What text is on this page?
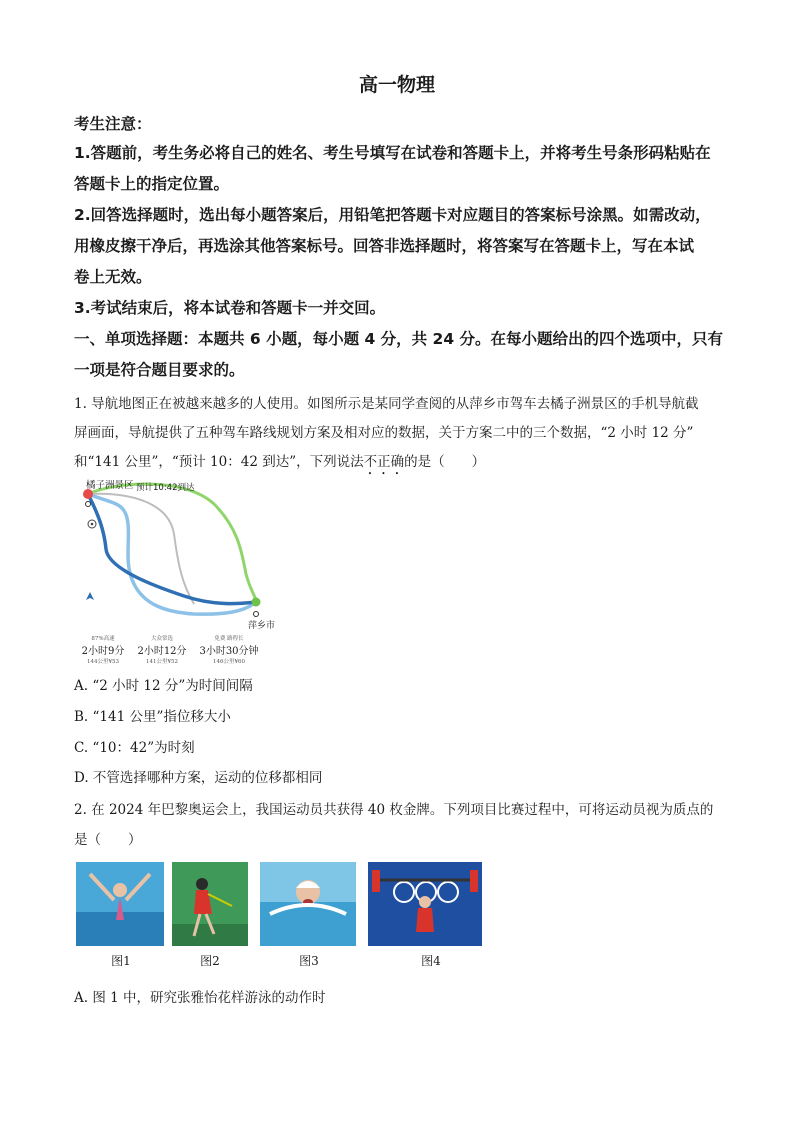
高一物理
考生注意：
1.答题前，考生务必将自己的姓名、考生号填写在试卷和答题卡上，并将考生号条形码粘贴在
答题卡上的指定位置。
2.回答选择题时，选出每小题答案后，用铅笔把答题卡对应题目的答案标号涂黑。如需改动，
用橡皮擦干净后，再选涂其他答案标号。回答非选择题时，将答案写在答题卡上，写在本试
卷上无效。
3.考试结束后，将本试卷和答题卡一并交回。
一、单项选择题：本题共 6 小题，每小题 4 分，共 24 分。在每小题给出的四个选项中，只有
一项是符合题目要求的。
1. 导航地图正在被越来越多的人使用。如图所示是某同学查阅的从萍乡市驾车去橘子洲景区的手机导航截
屏画面，导航提供了五种驾车路线规划方案及相对应的数据，关于方案二中的三个数据，“2 小时 12 分”
和“141 公里”，“预计 10：42 到达”，下列说法不正确的是（　　）
橘子洲景区 预计10:42到达
萍乡市
87%高速
2小时9分
144公里¥53
大众常选
2小时12分
141公里¥52
免费 路程长
3小时30分钟
146公里¥60
A. “2 小时 12 分”为时间间隔
B. “141 公里”指位移大小
C. “10：42”为时刻
D. 不管选择哪种方案，运动的位移都相同
2. 在 2024 年巴黎奥运会上，我国运动员共获得 40 枚金牌。下列项目比赛过程中，可将运动员视为质点的
是（　　）
图1	图2	图3	图4
A. 图 1 中，研究张雅怡花样游泳的动作时
